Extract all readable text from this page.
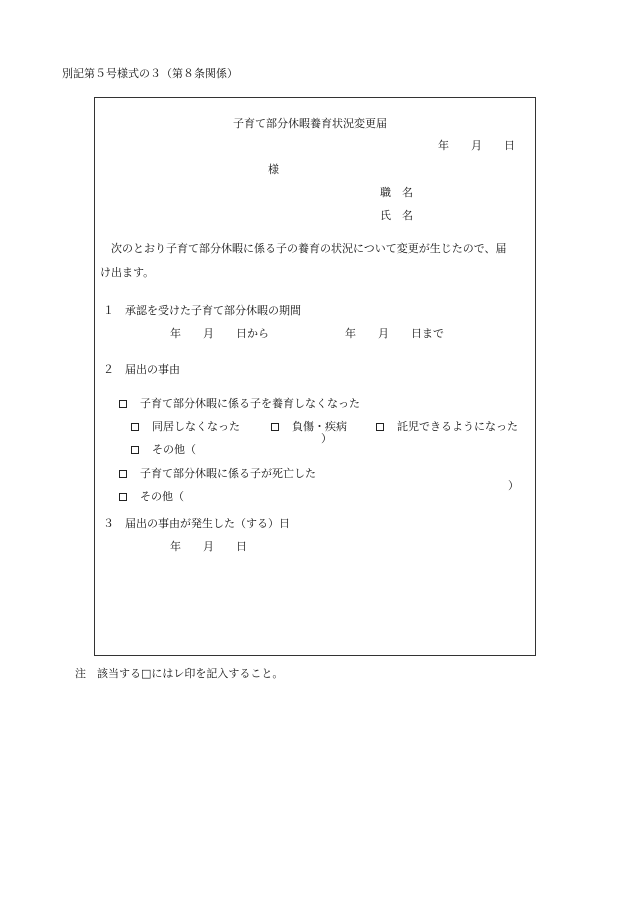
別記第５号様式の３（第８条関係）
子育て部分休暇養育状況変更届
年　　月　　日
様
職　名
氏　名
　次のとおり子育て部分休暇に係る子の養育の状況について変更が生じたので、届
け出ます。
１　承認を受けた子育て部分休暇の期間
年　　月　　日から	年　　月　　日まで
２　届出の事由

子育て部分休暇に係る子を養育しなくなった

同居しなくなった	負傷・疾病	託児できるようになった

その他（

）

子育て部分休暇に係る子が死亡した

その他（

）
３　届出の事由が発生した（する）日
年　　月　　日
注　該当する□にはレ印を記入すること。
